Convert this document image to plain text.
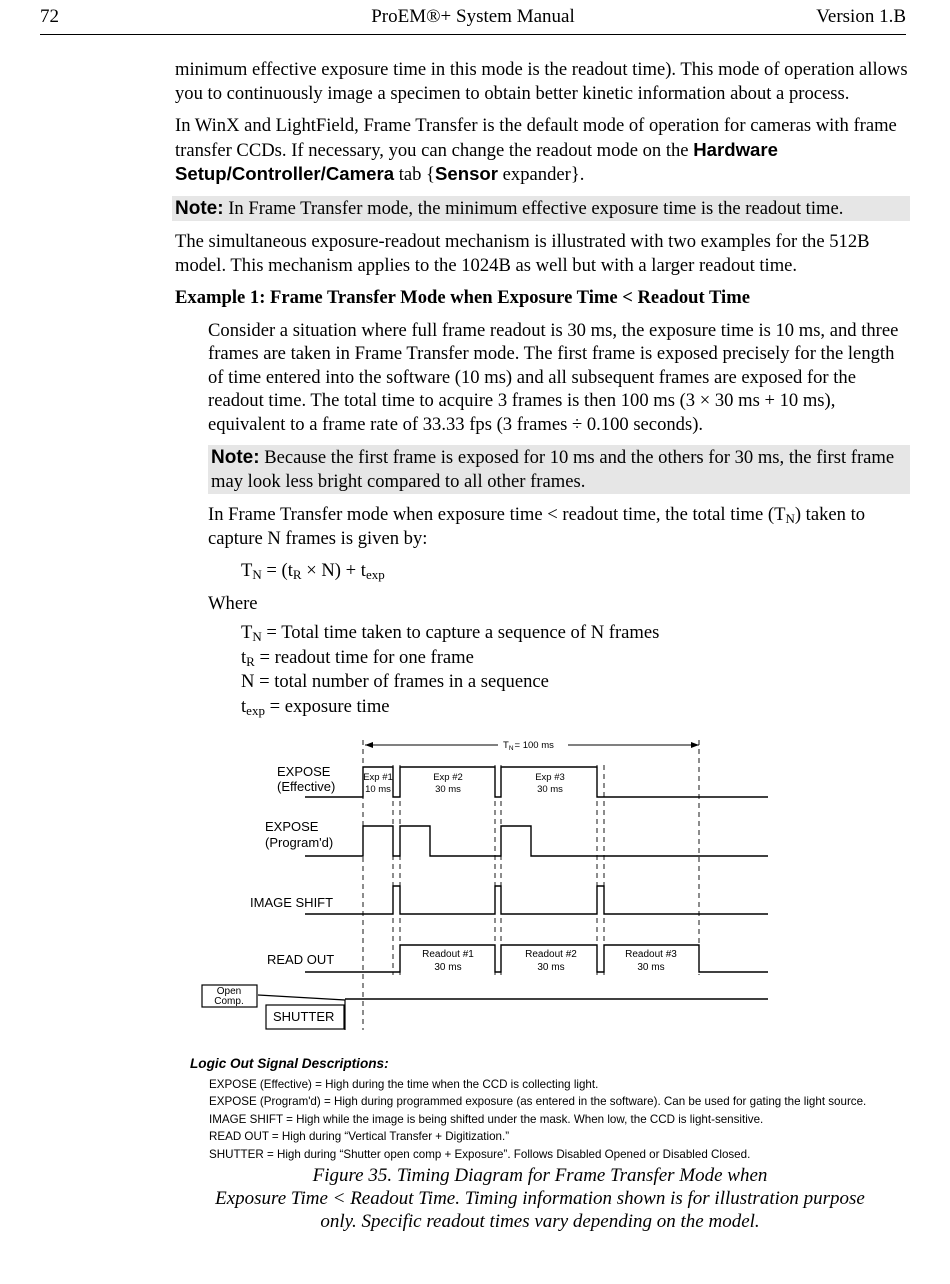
72	ProEM®+ System Manual	Version 1.B

minimum effective exposure time in this mode is the readout time). This mode of operation allows you to continuously image a specimen to obtain better kinetic information about a process.

In WinX and LightField, Frame Transfer is the default mode of operation for cameras with frame transfer CCDs. If necessary, you can change the readout mode on the Hardware Setup/Controller/Camera tab {Sensor expander}.

Note: In Frame Transfer mode, the minimum effective exposure time is the readout time.

The simultaneous exposure-readout mechanism is illustrated with two examples for the 512B model. This mechanism applies to the 1024B as well but with a larger readout time.

Example 1: Frame Transfer Mode when Exposure Time < Readout Time

Consider a situation where full frame readout is 30 ms, the exposure time is 10 ms, and three frames are taken in Frame Transfer mode. The first frame is exposed precisely for the length of time entered into the software (10 ms) and all subsequent frames are exposed for the readout time. The total time to acquire 3 frames is then 100 ms (3 × 30 ms + 10 ms), equivalent to a frame rate of 33.33 fps (3 frames ÷ 0.100 seconds).

Note: Because the first frame is exposed for 10 ms and the others for 30 ms, the first frame may look less bright compared to all other frames.

In Frame Transfer mode when exposure time < readout time, the total time $(T_N)$ taken to capture N frames is given by:

$T_N = (t_R \times N) + t_{exp}$

Where

$T_N$ = Total time taken to capture a sequence of N frames

$t_R$ = readout time for one frame

N = total number of frames in a sequence

$t_{exp}$ = exposure time

$T_N= 100$ ms
EXPOSE
(Effective)
EXPOSE
(Program'd)
IMAGE SHIFT
READ OUT
SHUTTER
Open
Comp.
Exp #1
10 ms
Exp #2
30 ms
Exp #3
30 ms
Readout #1
30 ms
Readout #2
30 ms
Readout #3
30 ms
Logic Out Signal Descriptions:
EXPOSE (Effective) = High during the time when the CCD is collecting light.
EXPOSE (Program'd) = High during programmed exposure (as entered in the software). Can be used for gating the light source.
IMAGE SHIFT = High while the image is being shifted under the mask. When low, the CCD is light-sensitive.
READ OUT = High during “Vertical Transfer + Digitization.”
SHUTTER = High during “Shutter open comp + Exposure”. Follows Disabled Opened or Disabled Closed.

Figure 35. Timing Diagram for Frame Transfer Mode when

Exposure Time < Readout Time. Timing information shown is for illustration purpose

only. Specific readout times vary depending on the model.
